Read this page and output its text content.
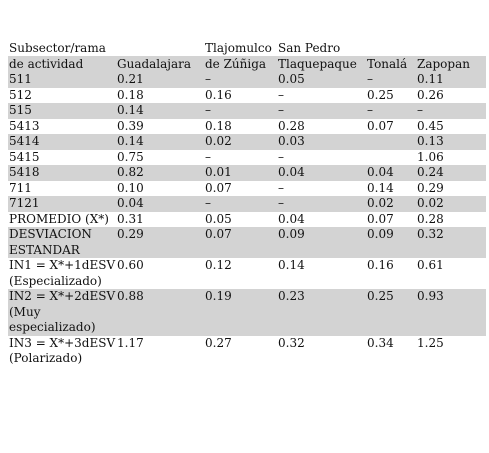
Subsector/rama		Tlajomulco	San Pedro		

de actividad	Guadalajara	de Zúñiga	Tlaquepaque	Tonalá	Zapopan
511	0.21	–	0.05	–	0.11
512	0.18	0.16	–	0.25	0.26
515	0.14	–	–	–	–
5413	0.39	0.18	0.28	0.07	0.45
5414	0.14	0.02	0.03		0.13
5415	0.75	–	–		1.06
5418	0.82	0.01	0.04	0.04	0.24
711	0.10	0.07	–	0.14	0.29
7121	0.04	–	–	0.02	0.02
PROMEDIO (X*)	0.31	0.05	0.04	0.07	0.28
DESVIACION ESTANDAR	0.29	0.07	0.09	0.09	0.32
IN1 = X*+1dESV (Especializado)	0.60	0.12	0.14	0.16	0.61
IN2 = X*+2dESV (Muy especializado)	0.88	0.19	0.23	0.25	0.93
IN3 = X*+3dESV (Polarizado)	1.17	0.27	0.32	0.34	1.25
